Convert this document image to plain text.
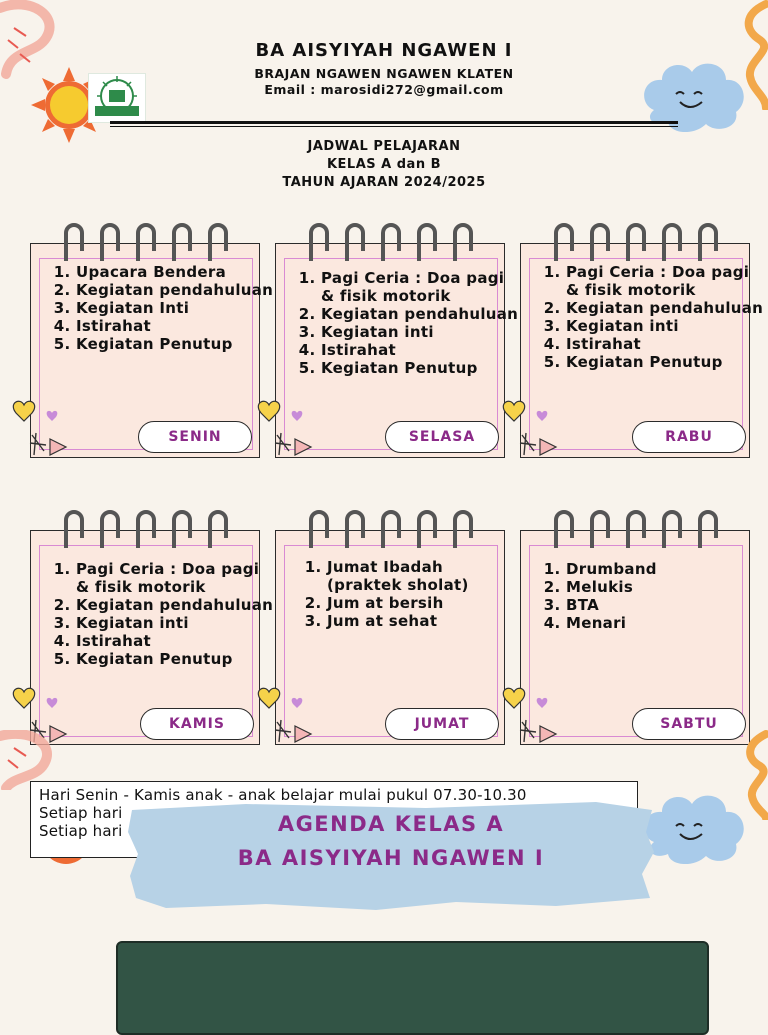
BA AISYIYAH NGAWEN I
BRAJAN NGAWEN NGAWEN KLATEN
Email : marosidi272@gmail.com
JADWAL PELAJARAN
KELAS A dan B
TAHUN AJARAN 2024/2025
1. Upacara Bendera
2. Kegiatan pendahuluan
3. Kegiatan Inti
4. Istirahat
5. Kegiatan Penutup
SENIN
1. Pagi Ceria : Doa pagi & fisik motorik
2. Kegiatan pendahuluan
3. Kegiatan inti
4. Istirahat
5. Kegiatan Penutup
SELASA
1. Pagi Ceria : Doa pagi & fisik motorik
2. Kegiatan pendahuluan
3. Kegiatan inti
4. Istirahat
5. Kegiatan Penutup
RABU
1. Pagi Ceria : Doa pagi & fisik motorik
2. Kegiatan pendahuluan
3. Kegiatan inti
4. Istirahat
5. Kegiatan Penutup
KAMIS
1. Jumat Ibadah (praktek sholat)
2. Jum at bersih
3. Jum at sehat
JUMAT
1. Drumband
2. Melukis
3. BTA
4. Menari
SABTU
Hari Senin - Kamis anak - anak belajar mulai pukul 07.30-10.30
Setiap hari
Setiap hari	AGENDA KELAS A
BA AISYIYAH NGAWEN I
